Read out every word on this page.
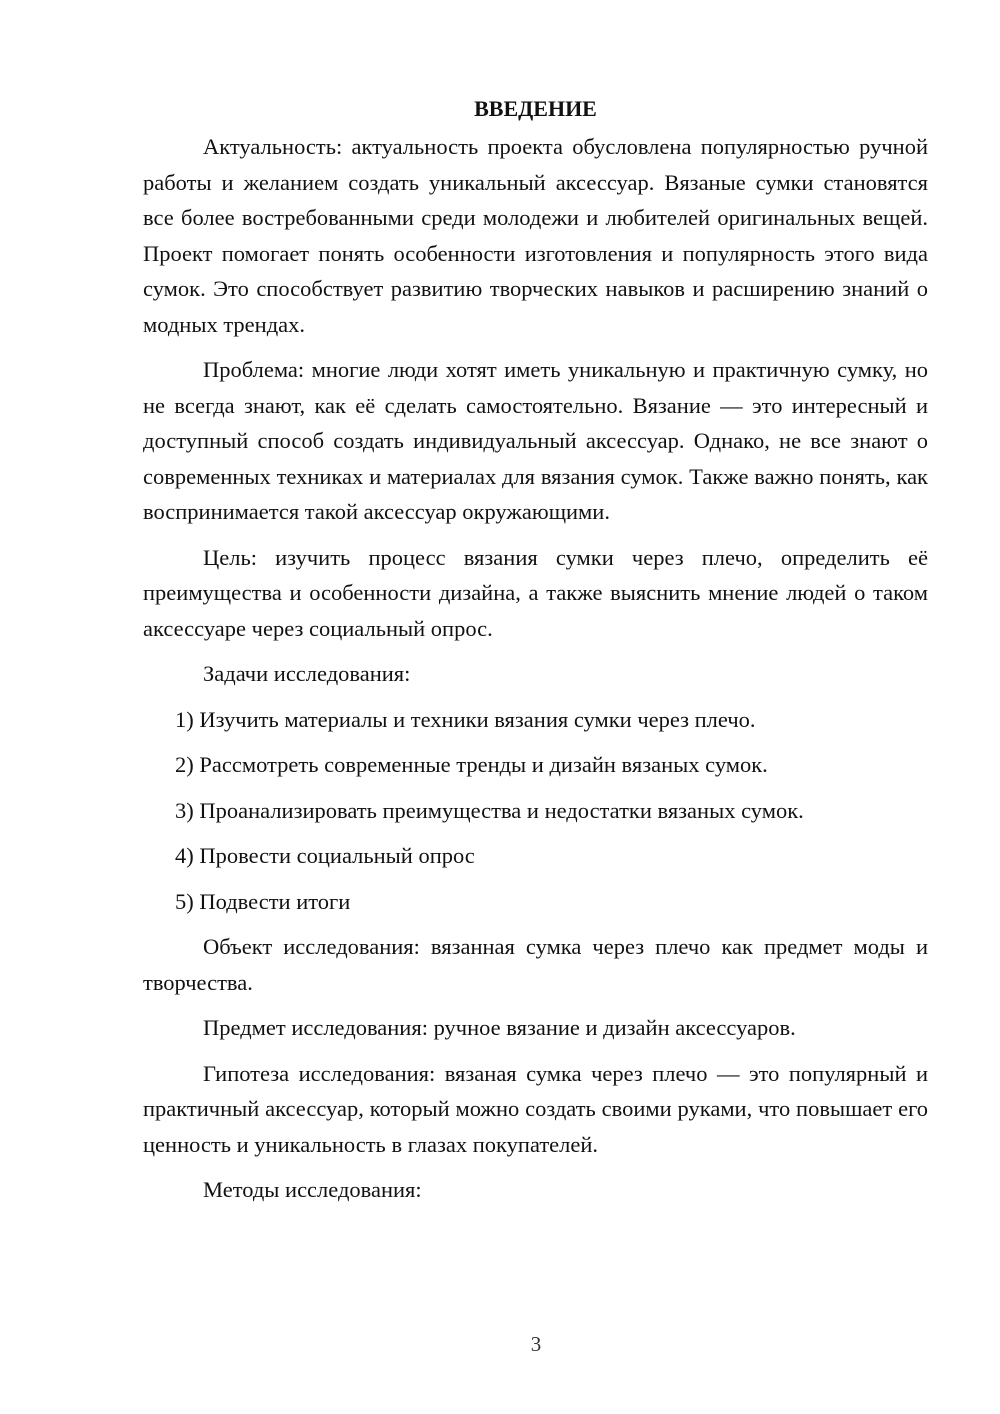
ВВЕДЕНИЕ

Актуальность: актуальность проекта обусловлена популярностью ручной работы и желанием создать уникальный аксессуар. Вязаные сумки становятся все более востребованными среди молодежи и любителей оригинальных вещей. Проект помогает понять особенности изготовления и популярность этого вида сумок. Это способствует развитию творческих навыков и расширению знаний о модных трендах.

Проблема: многие люди хотят иметь уникальную и практичную сумку, но не всегда знают, как её сделать самостоятельно. Вязание — это интересный и доступный способ создать индивидуальный аксессуар. Однако, не все знают о современных техниках и материалах для вязания сумок. Также важно понять, как воспринимается такой аксессуар окружающими.

Цель: изучить процесс вязания сумки через плечо, определить её преимущества и особенности дизайна, а также выяснить мнение людей о таком аксессуаре через социальный опрос.

Задачи исследования:

1) Изучить материалы и техники вязания сумки через плечо.
2) Рассмотреть современные тренды и дизайн вязаных сумок.
3) Проанализировать преимущества и недостатки вязаных сумок.
4) Провести социальный опрос
5) Подвести итоги

Объект исследования: вязанная сумка через плечо как предмет моды и творчества.

Предмет исследования: ручное вязание и дизайн аксессуаров.

Гипотеза исследования: вязаная сумка через плечо — это популярный и практичный аксессуар, который можно создать своими руками, что повышает его ценность и уникальность в глазах покупателей.

Методы исследования:

3
